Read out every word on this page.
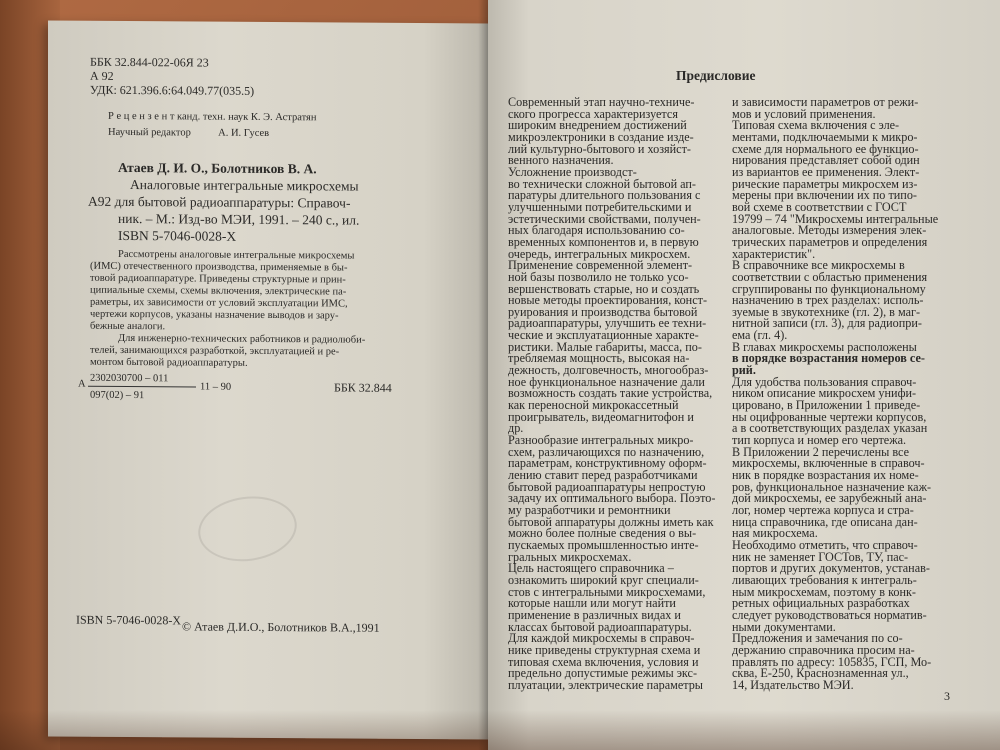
ББК 32.844-022-06Я 23
А 92
УДК: 621.396.6:64.049.77(035.5)
Р е ц е н з е н т канд. техн. наук К. Э. Астратян
Научный редактор	А. И. Гусев
Атаев Д. И. О., Болотников В. А.
Аналоговые интегральные микросхемы
А92 для бытовой радиоаппаратуры: Справоч-
ник. – М.: Изд-во МЭИ, 1991. – 240 с., ил.
ISBN 5-7046-0028-X
Рассмотрены аналоговые интегральные микросхемы
(ИМС) отечественного производства, применяемые в бы-
товой радиоаппаратуре. Приведены структурные и прин-
ципиальные схемы, схемы включения, электрические па-
раметры, их зависимости от условий эксплуатации ИМС,
чертежи корпусов, указаны назначение выводов и зару-
бежные аналоги.
Для инженерно-технических работников и радиолюби-
телей, занимающихся разработкой, эксплуатацией и ре-
монтом бытовой радиоаппаратуры.
А 2302030700 – 011
097(02) – 91
11 – 90	ББК 32.844
ISBN 5-7046-0028-X © Атаев Д.И.О., Болотников В.А.,1991
Предисловие
Современный этап научно-техниче-
ского прогресса характеризуется
широким внедрением достижений
микроэлектроники в создание изде-
лий культурно-бытового и хозяйст-
венного назначения.
Усложнение производст-
во технически сложной бытовой ап-
паратуры длительного пользования с
улучшенными потребительскими и
эстетическими свойствами, получен-
ных благодаря использованию со-
временных компонентов и, в первую
очередь, интегральных микросхем.
Применение современной элемент-
ной базы позволило не только усо-
вершенствовать старые, но и создать
новые методы проектирования, конст-
руирования и производства бытовой
радиоаппаратуры, улучшить ее техни-
ческие и эксплуатационные характе-
ристики. Малые габариты, масса, по-
требляемая мощность, высокая на-
дежность, долговечность, многообраз-
ное функциональное назначение дали
возможность создать такие устройства,
как переносной микрокассетный
проигрыватель, видеомагнитофон и
др.
Разнообразие интегральных микро-
схем, различающихся по назначению,
параметрам, конструктивному оформ-
лению ставит перед разработчиками
бытовой радиоаппаратуры непростую
задачу их оптимального выбора. Поэто-
му разработчики и ремонтники
бытовой аппаратуры должны иметь как
можно более полные сведения о вы-
пускаемых промышленностью инте-
гральных микросхемах.
Цель настоящего справочника –
ознакомить широкий круг специали-
стов с интегральными микросхемами,
которые нашли или могут найти
применение в различных видах и
классах бытовой радиоаппаратуры.
Для каждой микросхемы в справоч-
нике приведены структурная схема и
типовая схема включения, условия и
предельно допустимые режимы экс-
плуатации, электрические параметры
и зависимости параметров от режи-
мов и условий применения.
Типовая схема включения с эле-
ментами, подключаемыми к микро-
схеме для нормального ее функцио-
нирования представляет собой один
из вариантов ее применения. Элект-
рические параметры микросхем из-
мерены при включении их по типо-
вой схеме в соответствии с ГОСТ
19799 – 74 "Микросхемы интегральные
аналоговые. Методы измерения элек-
трических параметров и определения
характеристик".
В справочнике все микросхемы в
соответствии с областью применения
сгруппированы по функциональному
назначению в трех разделах: исполь-
зуемые в звукотехнике (гл. 2), в маг-
нитной записи (гл. 3), для радиопри-
ема (гл. 4).
В главах микросхемы расположены
в порядке возрастания номеров се-
рий.
Для удобства пользования справоч-
ником описание микросхем унифи-
цировано, в Приложении 1 приведе-
ны оцифрованные чертежи корпусов,
а в соответствующих разделах указан
тип корпуса и номер его чертежа.
В Приложении 2 перечислены все
микросхемы, включенные в справоч-
ник в порядке возрастания их номе-
ров, функциональное назначение каж-
дой микросхемы, ее зарубежный ана-
лог, номер чертежа корпуса и стра-
ница справочника, где описана дан-
ная микросхема.
Необходимо отметить, что справоч-
ник не заменяет ГОСТов, ТУ, пас-
портов и других документов, устанав-
ливающих требования к интеграль-
ным микросхемам, поэтому в конк-
ретных официальных разработках
следует руководствоваться норматив-
ными документами.
Предложения и замечания по со-
держанию справочника просим на-
правлять по адресу: 105835, ГСП, Мо-
сква, Е-250, Краснознаменная ул.,
14, Издательство МЭИ.
3
